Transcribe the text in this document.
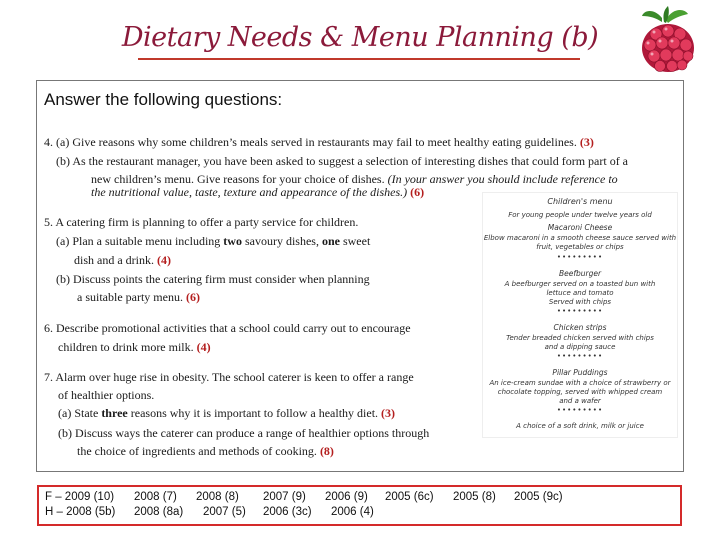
Dietary Needs & Menu Planning (b)
Answer the following questions:
4. (a) Give reasons why some children’s meals served in restaurants may fail to meet healthy eating guidelines. (3)
(b) As the restaurant manager, you have been asked to suggest a selection of interesting dishes that could form part of a
new children’s menu. Give reasons for your choice of dishes. (In your answer you should include reference to
the nutritional value, taste, texture and appearance of the dishes.) (6)
5. A catering firm is planning to offer a party service for children.
(a) Plan a suitable menu including two savoury dishes, one sweet
dish and a drink. (4)
(b) Discuss points the catering firm must consider when planning
a suitable party menu. (6)
6. Describe promotional activities that a school could carry out to encourage
children to drink more milk. (4)
7. Alarm over huge rise in obesity. The school caterer is keen to offer a range
of healthier options.
(a) State three reasons why it is important to follow a healthy diet. (3)
(b) Discuss ways the caterer can produce a range of healthier options through
the choice of ingredients and methods of cooking. (8)
Children's menu
For young people under twelve years old
Macaroni Cheese
Elbow macaroni in a smooth cheese sauce served with
fruit, vegetables or chips
•••••••••
Beefburger
A beefburger served on a toasted bun with
lettuce and tomato
Served with chips
•••••••••
Chicken strips
Tender breaded chicken served with chips
and a dipping sauce
•••••••••
Pillar Puddings
An ice-cream sundae with a choice of strawberry or
chocolate topping, served with whipped cream
and a wafer
•••••••••
A choice of a soft drink, milk or juice
F – 2009 (10) 2008 (7) 2008 (8) 2007 (9) 2006 (9) 2005 (6c) 2005 (8) 2005 (9c)
H – 2008 (5b) 2008 (8a) 2007 (5) 2006 (3c) 2006 (4)
